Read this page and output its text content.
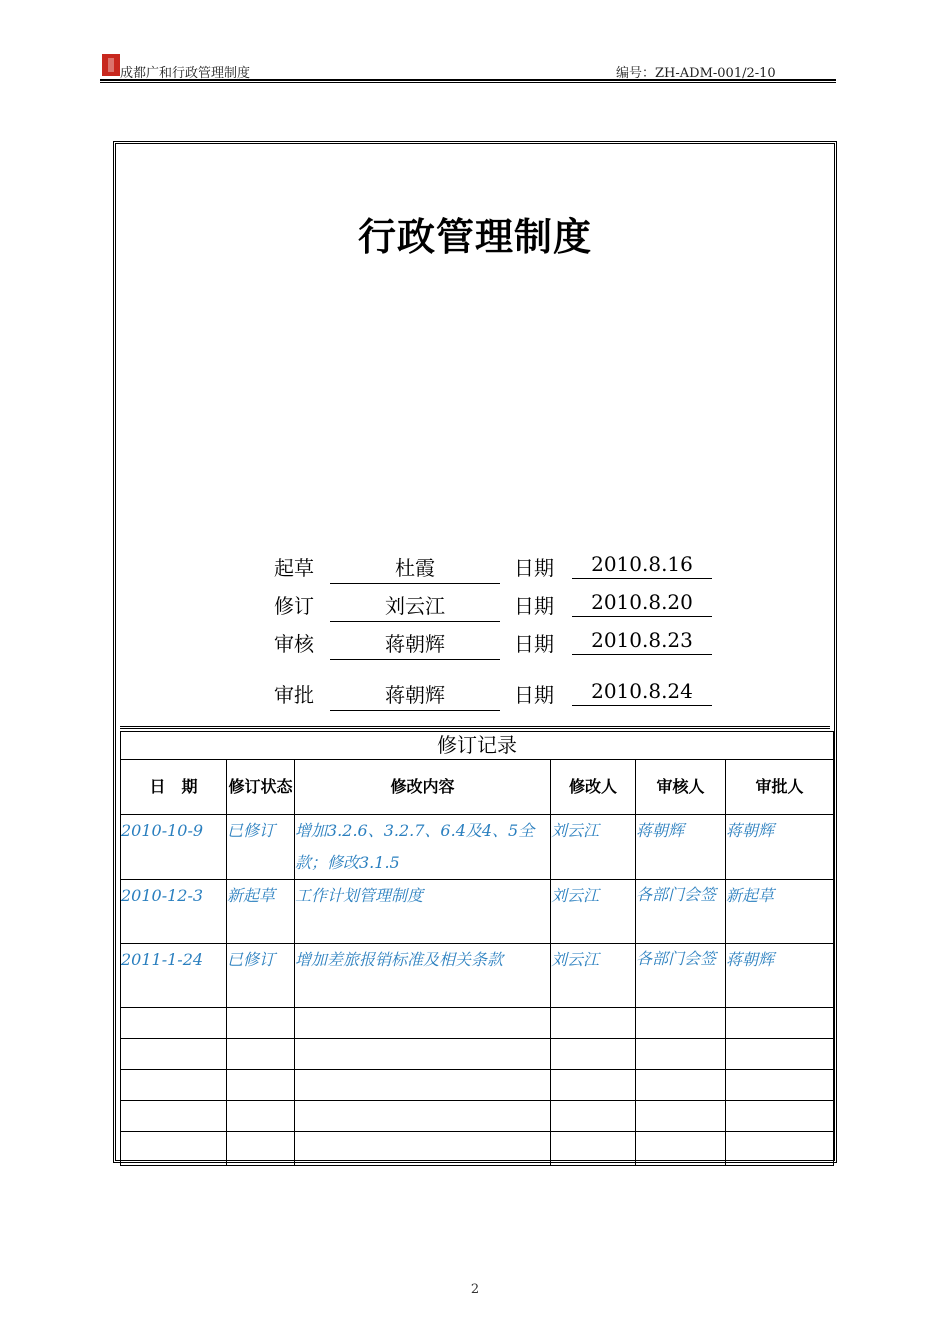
成都广和行政管理制度	编号：ZH-ADM-001/2-10
行政管理制度
起草	杜霞	日期	2010.8.16
修订	刘云江	日期	2010.8.20
审核	蒋朝辉	日期	2010.8.23
审批	蒋朝辉	日期	2010.8.24
修订记录					
日　期	修订状态	修改内容	修改人	审核人	审批人
2010-10-9	已修订	增加3.2.6、3.2.7、6.4及4、5全款；修改3.1.5	刘云江	蒋朝辉	蒋朝辉
2010-12-3	新起草	工作计划管理制度	刘云江	各部门会签	新起草
2011-1-24	已修订	增加差旅报销标准及相关条款	刘云江	各部门会签	蒋朝辉

2
